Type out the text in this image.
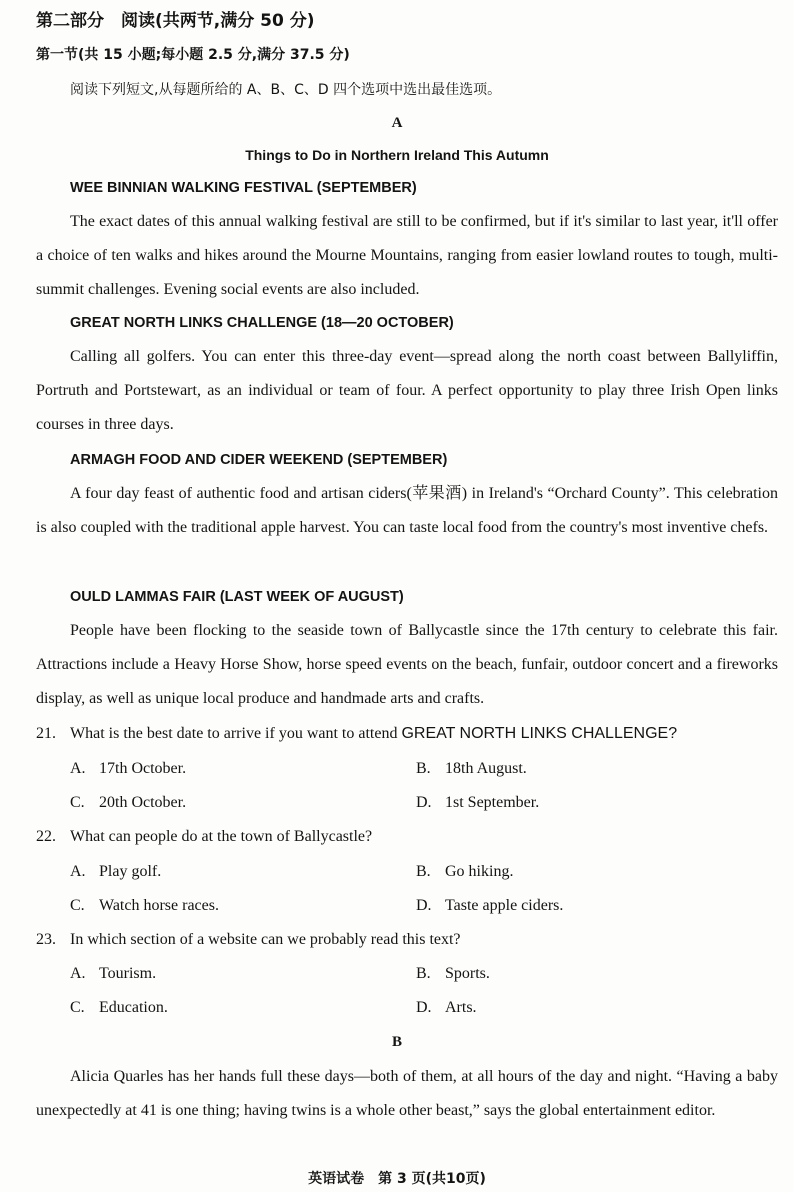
第二部分　阅读(共两节,满分 50 分)
第一节(共 15 小题;每小题 2.5 分,满分 37.5 分)
阅读下列短文,从每题所给的 A、B、C、D 四个选项中选出最佳选项。
A
Things to Do in Northern Ireland This Autumn
WEE BINNIAN WALKING FESTIVAL (SEPTEMBER)

The exact dates of this annual walking festival are still to be confirmed, but if it's similar to last year, it'll offer a choice of ten walks and hikes around the Mourne Mountains, ranging from easier lowland routes to tough, multi-summit challenges. Evening social events are also included.

GREAT NORTH LINKS CHALLENGE (18—20 OCTOBER)

Calling all golfers. You can enter this three-day event—spread along the north coast between Ballyliffin, Portruth and Portstewart, as an individual or team of four. A perfect opportunity to play three Irish Open links courses in three days.

ARMAGH FOOD AND CIDER WEEKEND (SEPTEMBER)

A four day feast of authentic food and artisan ciders(苹果酒) in Ireland's “Orchard County”. This celebration is also coupled with the traditional apple harvest. You can taste local food from the country's most inventive chefs.

OULD LAMMAS FAIR (LAST WEEK OF AUGUST)

People have been flocking to the seaside town of Ballycastle since the 17th century to celebrate this fair. Attractions include a Heavy Horse Show, horse speed events on the beach, funfair, outdoor concert and a fireworks display, as well as unique local produce and handmade arts and crafts.

21. What is the best date to arrive if you want to attend GREAT NORTH LINKS CHALLENGE?
A. 17th October.	B. 18th August.
C. 20th October.	D. 1st September.
22. What can people do at the town of Ballycastle?
A. Play golf.	B. Go hiking.
C. Watch horse races.	D. Taste apple ciders.
23. In which section of a website can we probably read this text?
A. Tourism.	B. Sports.
C. Education.	D. Arts.
B

Alicia Quarles has her hands full these days—both of them, at all hours of the day and night. “Having a baby unexpectedly at 41 is one thing; having twins is a whole other beast,” says the global entertainment editor.

英语试卷　第 3 页(共10页)
